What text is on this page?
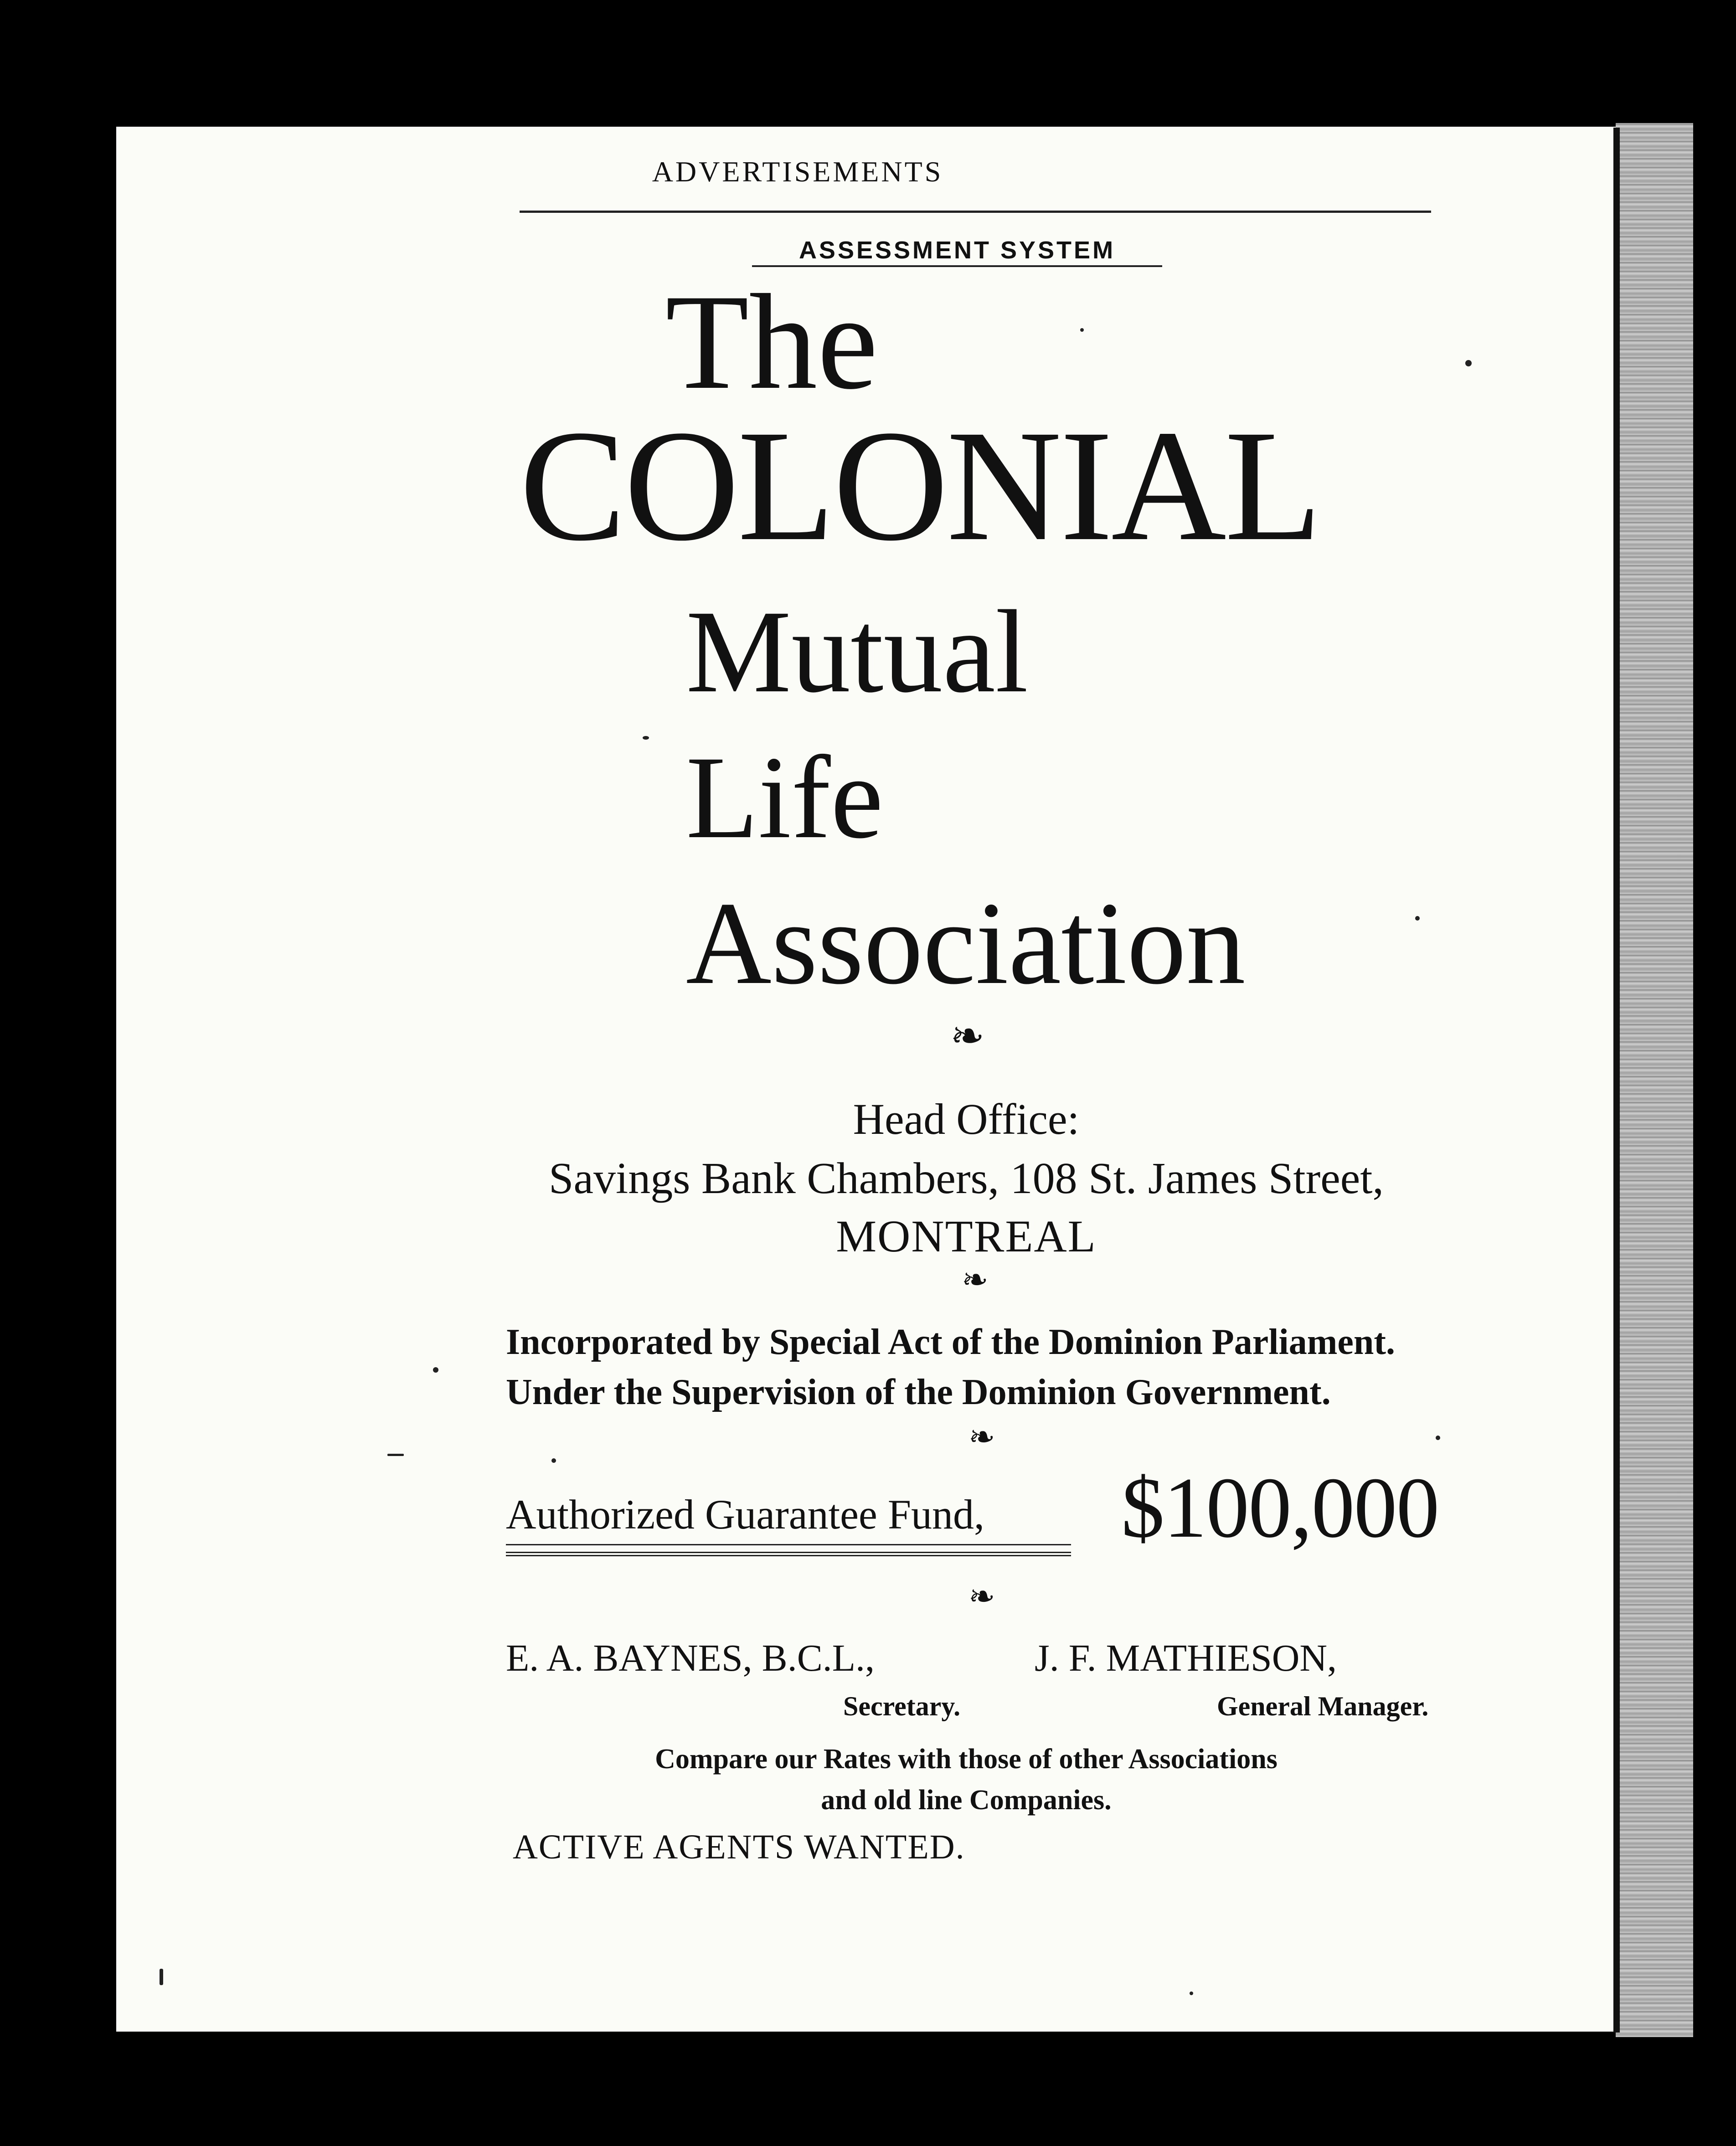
ADVERTISEMENTS
ASSESSMENT SYSTEM
The
COLONIAL
Mutual
Life
Association
❧
Head Office:
Savings Bank Chambers, 108 St. James Street,
MONTREAL
❧
Incorporated by Special Act of the Dominion Parliament.
Under the Supervision of the Dominion Government.
❧
Authorized Guarantee Fund, $100,000
❧
E. A. BAYNES, B.C.L.,
Secretary.
J. F. MATHIESON,
General Manager.
Compare our Rates with those of other Associations
and old line Companies.
ACTIVE AGENTS WANTED.
